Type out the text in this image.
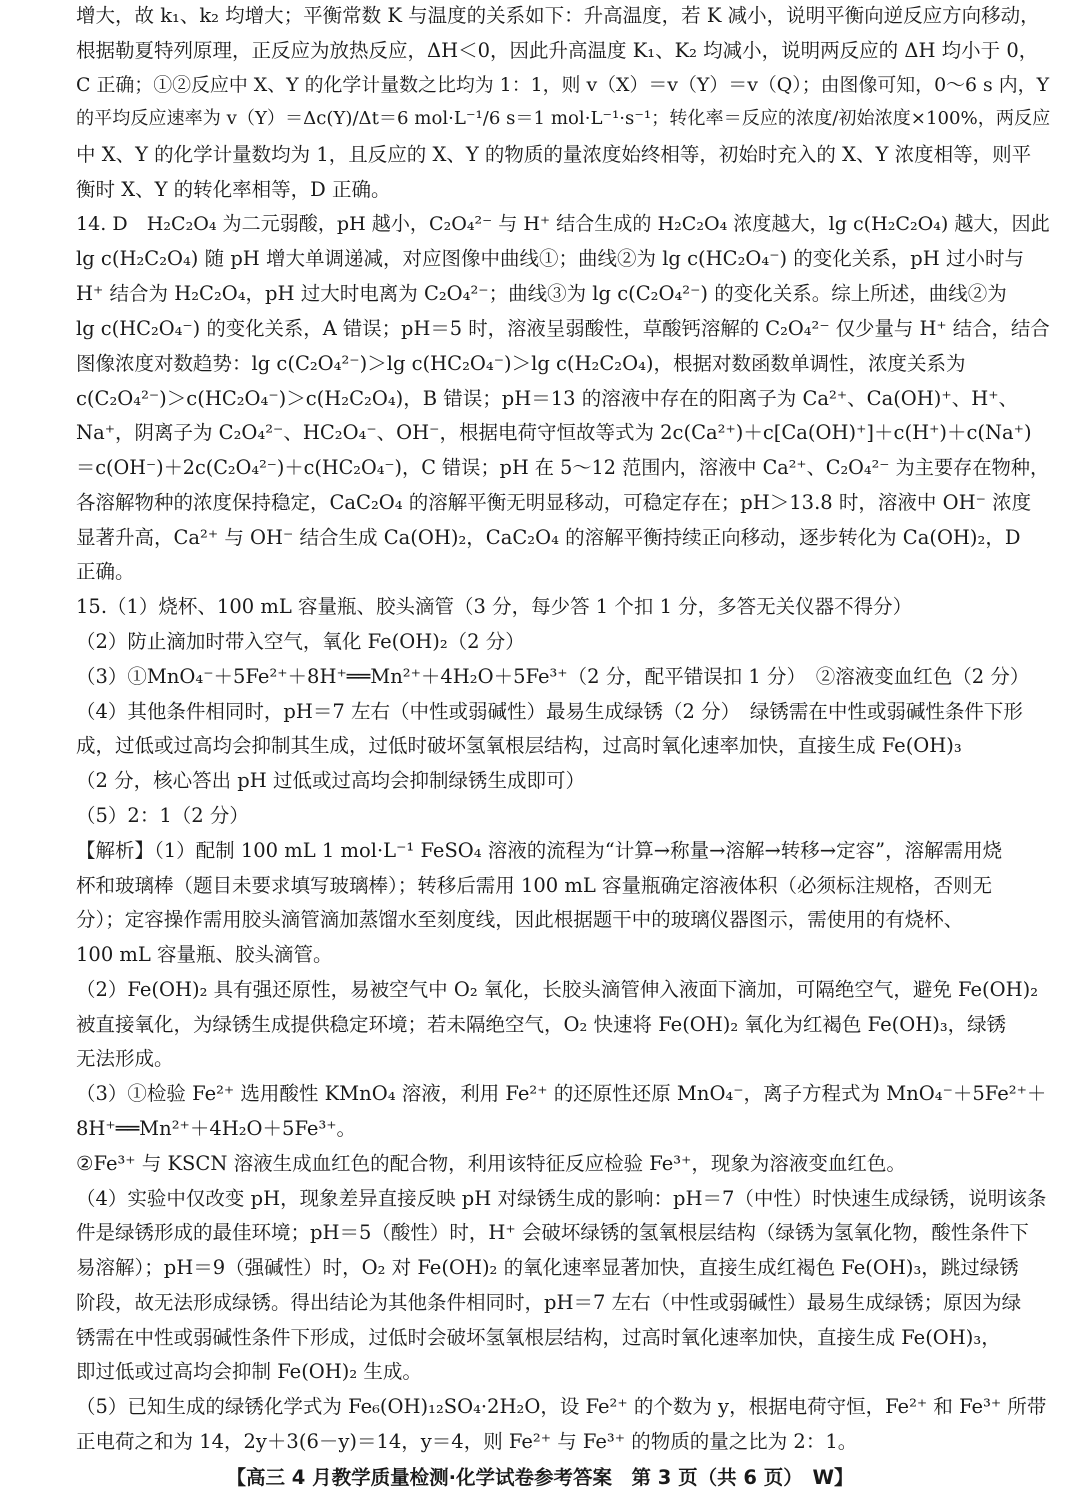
增大，故 k₁、k₂ 均增大；平衡常数 K 与温度的关系如下：升高温度，若 K 减小，说明平衡向逆反应方向移动，
根据勒夏特列原理，正反应为放热反应，ΔH＜0，因此升高温度 K₁、K₂ 均减小，说明两反应的 ΔH 均小于 0，
C 正确；①②反应中 X、Y 的化学计量数之比均为 1：1，则 v（X）＝v（Y）＝v（Q）；由图像可知，0～6 s 内，Y
的平均反应速率为 v（Y）＝Δc(Y)/Δt＝6 mol·L⁻¹/6 s＝1 mol·L⁻¹·s⁻¹；转化率＝反应的浓度/初始浓度×100%，两反应
中 X、Y 的化学计量数均为 1，且反应的 X、Y 的物质的量浓度始终相等，初始时充入的 X、Y 浓度相等，则平
衡时 X、Y 的转化率相等，D 正确。
14. D　H₂C₂O₄ 为二元弱酸，pH 越小，C₂O₄²⁻ 与 H⁺ 结合生成的 H₂C₂O₄ 浓度越大，lg c(H₂C₂O₄) 越大，因此
lg c(H₂C₂O₄) 随 pH 增大单调递减，对应图像中曲线①；曲线②为 lg c(HC₂O₄⁻) 的变化关系，pH 过小时与
H⁺ 结合为 H₂C₂O₄，pH 过大时电离为 C₂O₄²⁻；曲线③为 lg c(C₂O₄²⁻) 的变化关系。综上所述，曲线②为
lg c(HC₂O₄⁻) 的变化关系，A 错误；pH＝5 时，溶液呈弱酸性，草酸钙溶解的 C₂O₄²⁻ 仅少量与 H⁺ 结合，结合
图像浓度对数趋势：lg c(C₂O₄²⁻)＞lg c(HC₂O₄⁻)＞lg c(H₂C₂O₄)，根据对数函数单调性，浓度关系为
c(C₂O₄²⁻)＞c(HC₂O₄⁻)＞c(H₂C₂O₄)，B 错误；pH＝13 的溶液中存在的阳离子为 Ca²⁺、Ca(OH)⁺、H⁺、
Na⁺，阴离子为 C₂O₄²⁻、HC₂O₄⁻、OH⁻，根据电荷守恒故等式为 2c(Ca²⁺)＋c[Ca(OH)⁺]＋c(H⁺)＋c(Na⁺)
＝c(OH⁻)＋2c(C₂O₄²⁻)＋c(HC₂O₄⁻)，C 错误；pH 在 5～12 范围内，溶液中 Ca²⁺、C₂O₄²⁻ 为主要存在物种，
各溶解物种的浓度保持稳定，CaC₂O₄ 的溶解平衡无明显移动，可稳定存在；pH＞13.8 时，溶液中 OH⁻ 浓度
显著升高，Ca²⁺ 与 OH⁻ 结合生成 Ca(OH)₂，CaC₂O₄ 的溶解平衡持续正向移动，逐步转化为 Ca(OH)₂，D
正确。
15.（1）烧杯、100 mL 容量瓶、胶头滴管（3 分，每少答 1 个扣 1 分，多答无关仪器不得分）
（2）防止滴加时带入空气，氧化 Fe(OH)₂（2 分）
（3）①MnO₄⁻＋5Fe²⁺＋8H⁺══Mn²⁺＋4H₂O＋5Fe³⁺（2 分，配平错误扣 1 分）　②溶液变血红色（2 分）
（4）其他条件相同时，pH＝7 左右（中性或弱碱性）最易生成绿锈（2 分）　绿锈需在中性或弱碱性条件下形
成，过低或过高均会抑制其生成，过低时破坏氢氧根层结构，过高时氧化速率加快，直接生成 Fe(OH)₃
（2 分，核心答出 pH 过低或过高均会抑制绿锈生成即可）
（5）2：1（2 分）
【解析】（1）配制 100 mL 1 mol·L⁻¹ FeSO₄ 溶液的流程为“计算→称量→溶解→转移→定容”，溶解需用烧
杯和玻璃棒（题目未要求填写玻璃棒）；转移后需用 100 mL 容量瓶确定溶液体积（必须标注规格，否则无
分）；定容操作需用胶头滴管滴加蒸馏水至刻度线，因此根据题干中的玻璃仪器图示，需使用的有烧杯、
100 mL 容量瓶、胶头滴管。
（2）Fe(OH)₂ 具有强还原性，易被空气中 O₂ 氧化，长胶头滴管伸入液面下滴加，可隔绝空气，避免 Fe(OH)₂
被直接氧化，为绿锈生成提供稳定环境；若未隔绝空气，O₂ 快速将 Fe(OH)₂ 氧化为红褐色 Fe(OH)₃，绿锈
无法形成。
（3）①检验 Fe²⁺ 选用酸性 KMnO₄ 溶液，利用 Fe²⁺ 的还原性还原 MnO₄⁻，离子方程式为 MnO₄⁻＋5Fe²⁺＋
8H⁺══Mn²⁺＋4H₂O＋5Fe³⁺。
②Fe³⁺ 与 KSCN 溶液生成血红色的配合物，利用该特征反应检验 Fe³⁺，现象为溶液变血红色。
（4）实验中仅改变 pH，现象差异直接反映 pH 对绿锈生成的影响：pH＝7（中性）时快速生成绿锈，说明该条
件是绿锈形成的最佳环境；pH＝5（酸性）时，H⁺ 会破坏绿锈的氢氧根层结构（绿锈为氢氧化物，酸性条件下
易溶解）；pH＝9（强碱性）时，O₂ 对 Fe(OH)₂ 的氧化速率显著加快，直接生成红褐色 Fe(OH)₃，跳过绿锈
阶段，故无法形成绿锈。得出结论为其他条件相同时，pH＝7 左右（中性或弱碱性）最易生成绿锈；原因为绿
锈需在中性或弱碱性条件下形成，过低时会破坏氢氧根层结构，过高时氧化速率加快，直接生成 Fe(OH)₃，
即过低或过高均会抑制 Fe(OH)₂ 生成。
（5）已知生成的绿锈化学式为 Fe₆(OH)₁₂SO₄·2H₂O，设 Fe²⁺ 的个数为 y，根据电荷守恒，Fe²⁺ 和 Fe³⁺ 所带
正电荷之和为 14，2y＋3(6－y)＝14，y＝4，则 Fe²⁺ 与 Fe³⁺ 的物质的量之比为 2：1。
【高三 4 月教学质量检测·化学试卷参考答案　第 3 页（共 6 页）　W】
